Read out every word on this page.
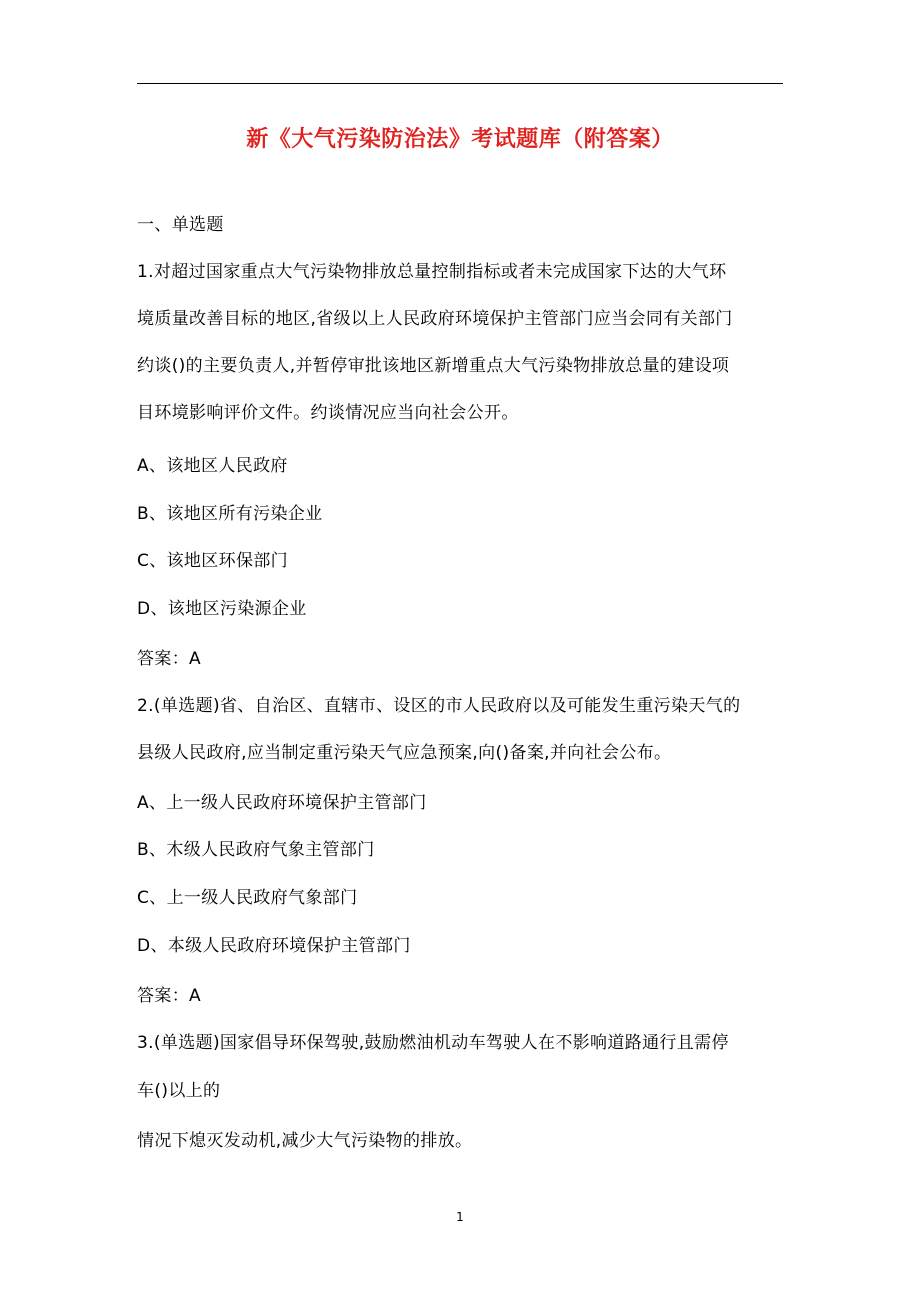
新《大气污染防治法》考试题库（附答案）
一、单选题
1.对超过国家重点大气污染物排放总量控制指标或者未完成国家下达的大气环
境质量改善目标的地区,省级以上人民政府环境保护主管部门应当会同有关部门
约谈()的主要负责人,并暂停审批该地区新增重点大气污染物排放总量的建设项
目环境影响评价文件。约谈情况应当向社会公开。
A、该地区人民政府
B、该地区所有污染企业
C、该地区环保部门
D、该地区污染源企业
答案：A
2.(单选题)省、自治区、直辖市、设区的市人民政府以及可能发生重污染天气的
县级人民政府,应当制定重污染天气应急预案,向()备案,并向社会公布。
A、上一级人民政府环境保护主管部门
B、木级人民政府气象主管部门
C、上一级人民政府气象部门
D、本级人民政府环境保护主管部门
答案：A
3.(单选题)国家倡导环保驾驶,鼓励燃油机动车驾驶人在不影响道路通行且需停
车()以上的
情况下熄灭发动机,减少大气污染物的排放。
1
